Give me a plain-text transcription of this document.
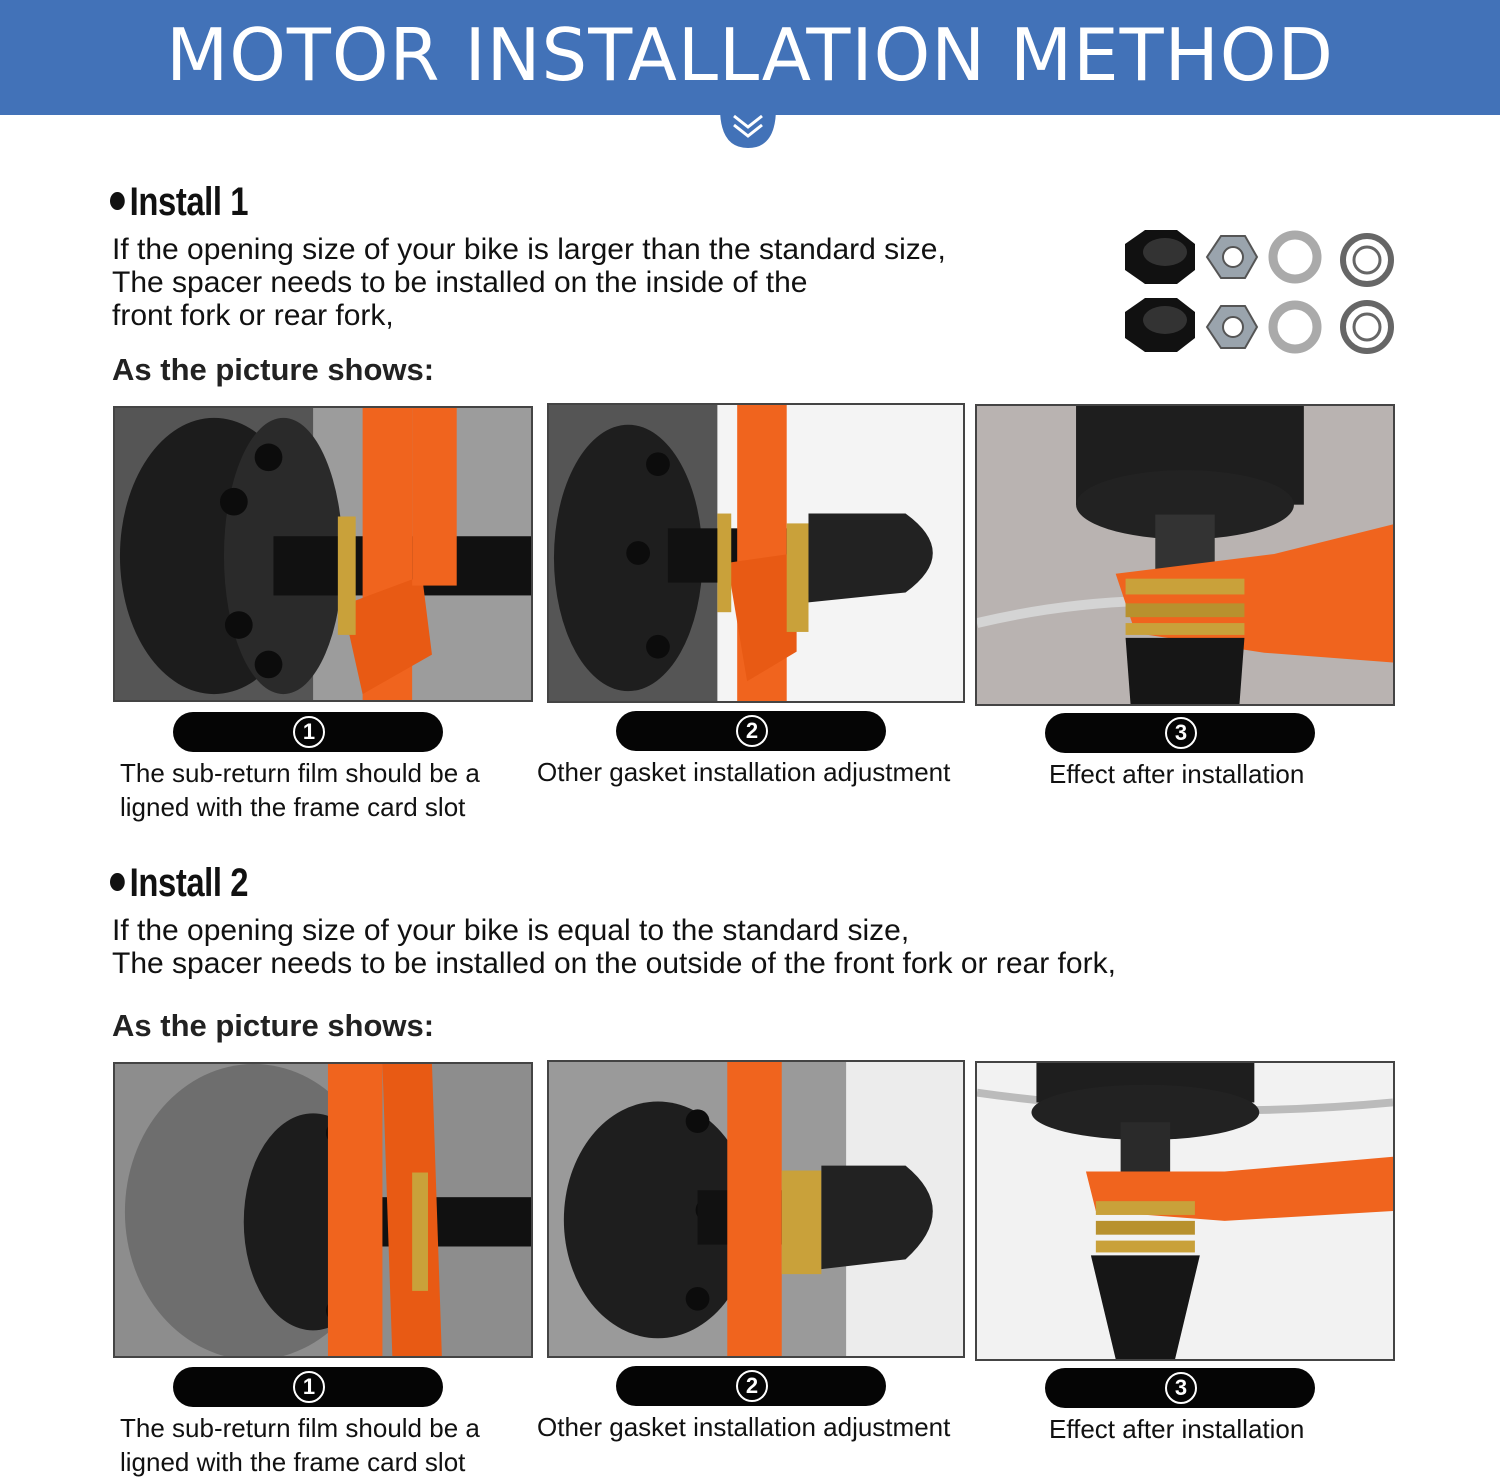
MOTOR INSTALLATION METHOD
Install 1
If the opening size of your bike is larger than the standard size,
The spacer needs to be installed on the inside of the
front fork or rear fork,
As the picture shows:
1	2	3
The sub-return film should be a
ligned with the frame card slot
Other gasket installation adjustment	Effect after installation
Install 2
If the opening size of your bike is equal to the standard size,
The spacer needs to be installed on the outside of the front fork or rear fork,
As the picture shows:
1	2	3
The sub-return film should be a
ligned with the frame card slot
Other gasket installation adjustment	Effect after installation
